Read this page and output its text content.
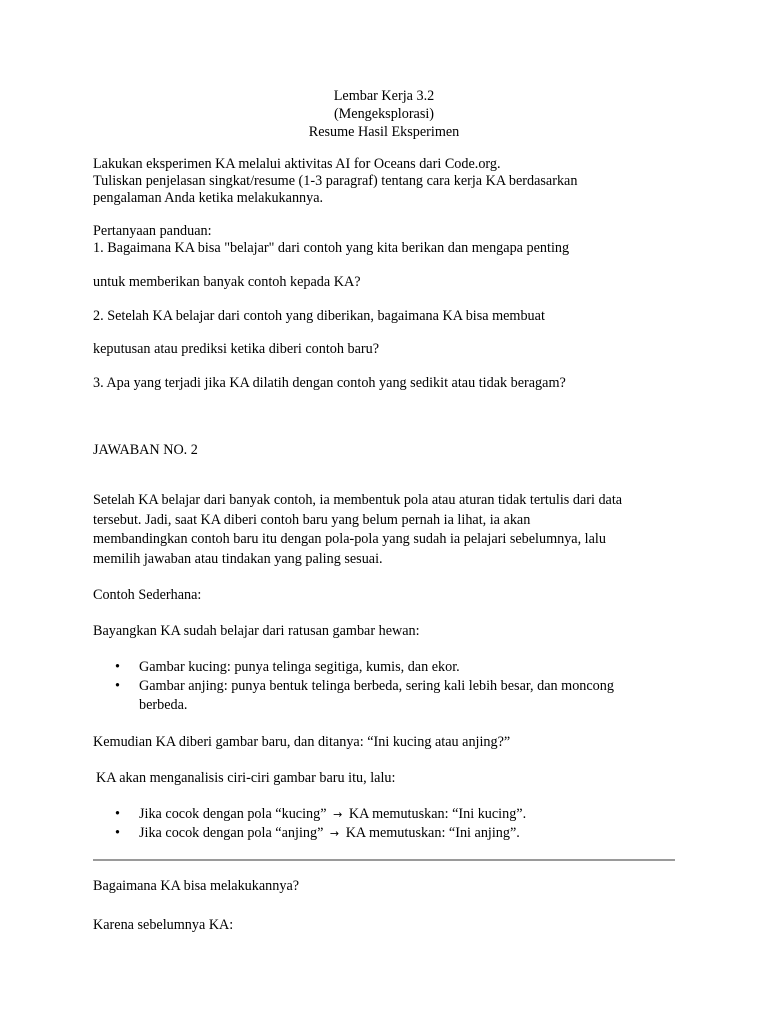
Lembar Kerja 3.2

(Mengeksplorasi)

Resume Hasil Eksperimen

Lakukan eksperimen KA melalui aktivitas AI for Oceans dari Code.org.

Tuliskan penjelasan singkat/resume (1-3 paragraf) tentang cara kerja KA berdasarkan

pengalaman Anda ketika melakukannya.

Pertanyaan panduan:

1. Bagaimana KA bisa "belajar" dari contoh yang kita berikan dan mengapa penting

untuk memberikan banyak contoh kepada KA?

2. Setelah KA belajar dari contoh yang diberikan, bagaimana KA bisa membuat

keputusan atau prediksi ketika diberi contoh baru?

3. Apa yang terjadi jika KA dilatih dengan contoh yang sedikit atau tidak beragam?

JAWABAN NO. 2

Setelah KA belajar dari banyak contoh, ia membentuk pola atau aturan tidak tertulis dari data

tersebut. Jadi, saat KA diberi contoh baru yang belum pernah ia lihat, ia akan

membandingkan contoh baru itu dengan pola-pola yang sudah ia pelajari sebelumnya, lalu

memilih jawaban atau tindakan yang paling sesuai.

Contoh Sederhana:

Bayangkan KA sudah belajar dari ratusan gambar hewan:

• Gambar kucing: punya telinga segitiga, kumis, dan ekor.
• Gambar anjing: punya bentuk telinga berbeda, sering kali lebih besar, dan moncong
berbeda.

Kemudian KA diberi gambar baru, dan ditanya: “Ini kucing atau anjing?”

KA akan menganalisis ciri-ciri gambar baru itu, lalu:

• Jika cocok dengan pola “kucing” → KA memutuskan: “Ini kucing”.
• Jika cocok dengan pola “anjing” → KA memutuskan: “Ini anjing”.

Bagaimana KA bisa melakukannya?

Karena sebelumnya KA:
